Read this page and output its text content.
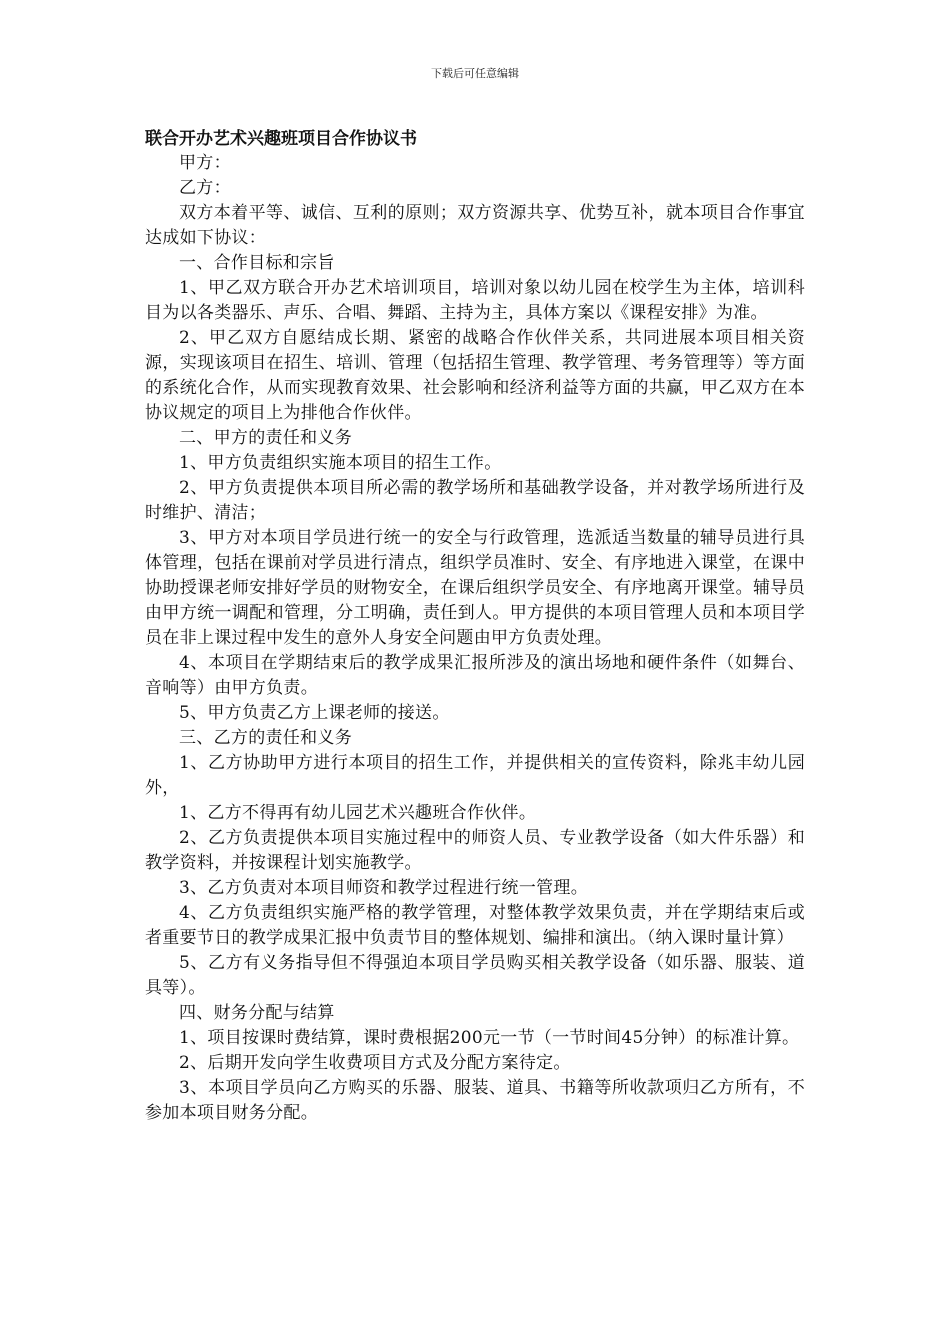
下载后可任意编辑
联合开办艺术兴趣班项目合作协议书

甲方：

乙方：

双方本着平等、诚信、互利的原则；双方资源共享、优势互补，就本项目合作事宜达成如下协议：

一、合作目标和宗旨

1、甲乙双方联合开办艺术培训项目，培训对象以幼儿园在校学生为主体，培训科目为以各类器乐、声乐、合唱、舞蹈、主持为主，具体方案以《课程安排》为准。

2、甲乙双方自愿结成长期、紧密的战略合作伙伴关系，共同进展本项目相关资源，实现该项目在招生、培训、管理（包括招生管理、教学管理、考务管理等）等方面的系统化合作，从而实现教育效果、社会影响和经济利益等方面的共赢，甲乙双方在本协议规定的项目上为排他合作伙伴。

二、甲方的责任和义务

1、甲方负责组织实施本项目的招生工作。

2、甲方负责提供本项目所必需的教学场所和基础教学设备，并对教学场所进行及时维护、清洁；

3、甲方对本项目学员进行统一的安全与行政管理，选派适当数量的辅导员进行具体管理，包括在课前对学员进行清点，组织学员准时、安全、有序地进入课堂，在课中协助授课老师安排好学员的财物安全，在课后组织学员安全、有序地离开课堂。辅导员由甲方统一调配和管理，分工明确，责任到人。甲方提供的本项目管理人员和本项目学员在非上课过程中发生的意外人身安全问题由甲方负责处理。

4、本项目在学期结束后的教学成果汇报所涉及的演出场地和硬件条件（如舞台、音响等）由甲方负责。

5、甲方负责乙方上课老师的接送。

三、乙方的责任和义务

1、乙方协助甲方进行本项目的招生工作，并提供相关的宣传资料，除兆丰幼儿园外，

1、乙方不得再有幼儿园艺术兴趣班合作伙伴。

2、乙方负责提供本项目实施过程中的师资人员、专业教学设备（如大件乐器）和教学资料，并按课程计划实施教学。

3、乙方负责对本项目师资和教学过程进行统一管理。

4、乙方负责组织实施严格的教学管理，对整体教学效果负责，并在学期结束后或者重要节日的教学成果汇报中负责节目的整体规划、编排和演出。（纳入课时量计算）

5、乙方有义务指导但不得强迫本项目学员购买相关教学设备（如乐器、服装、道具等）。

四、财务分配与结算

1、项目按课时费结算，课时费根据200元一节（一节时间45分钟）的标准计算。

2、后期开发向学生收费项目方式及分配方案待定。

3、本项目学员向乙方购买的乐器、服装、道具、书籍等所收款项归乙方所有，不参加本项目财务分配。
